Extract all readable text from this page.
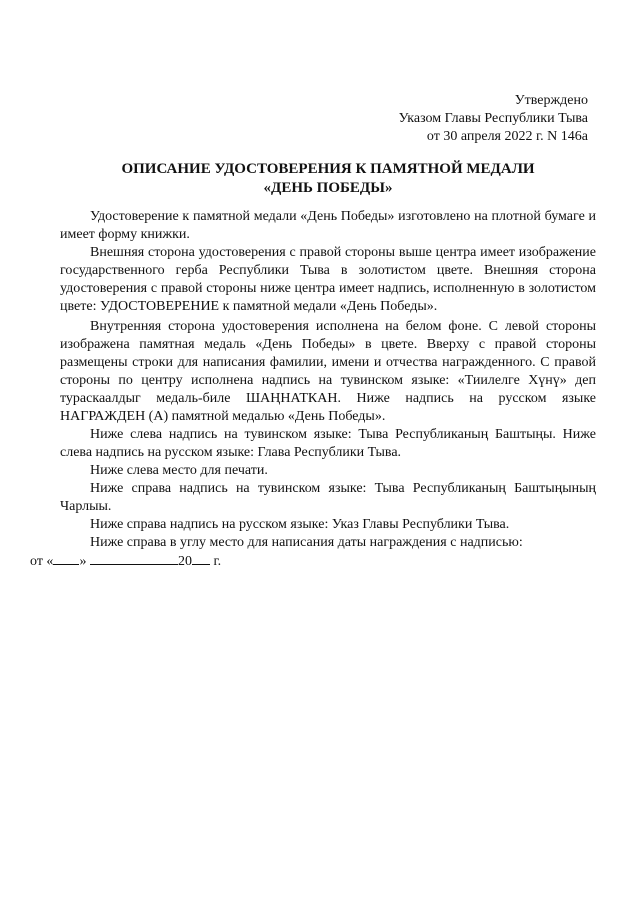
Утверждено
Указом Главы Республики Тыва
от 30 апреля 2022 г. N 146а
ОПИСАНИЕ УДОСТОВЕРЕНИЯ К ПАМЯТНОЙ МЕДАЛИ
«ДЕНЬ ПОБЕДЫ»

Удостоверение к памятной медали «День Победы» изготовлено на плотной бумаге и имеет форму книжки.

Внешняя сторона удостоверения с правой стороны выше центра имеет изображение государственного герба Республики Тыва в золотистом цвете. Внешняя сторона удостоверения с правой стороны ниже центра имеет надпись, исполненную в золотистом цвете: УДОСТОВЕРЕНИЕ к памятной медали «День Победы».

Внутренняя сторона удостоверения исполнена на белом фоне. С левой стороны изображена памятная медаль «День Победы» в цвете. Вверху с правой стороны размещены строки для написания фамилии, имени и отчества награжденного. С правой стороны по центру исполнена надпись на тувинском языке: «Тиилелге Хүнү» деп тураскаалдыг медаль-биле ШАҢНАТКАН. Ниже надпись на русском языке НАГРАЖДЕН (А) памятной медалью «День Победы».

Ниже слева надпись на тувинском языке: Тыва Республиканың Баштыңы. Ниже слева надпись на русском языке: Глава Республики Тыва.

Ниже слева место для печати.

Ниже справа надпись на тувинском языке: Тыва Республиканың Баштыңының Чарлыы.

Ниже справа надпись на русском языке: Указ Главы Республики Тыва.

Ниже справа в углу место для написания даты награждения с надписью:
от « »	20 г.
